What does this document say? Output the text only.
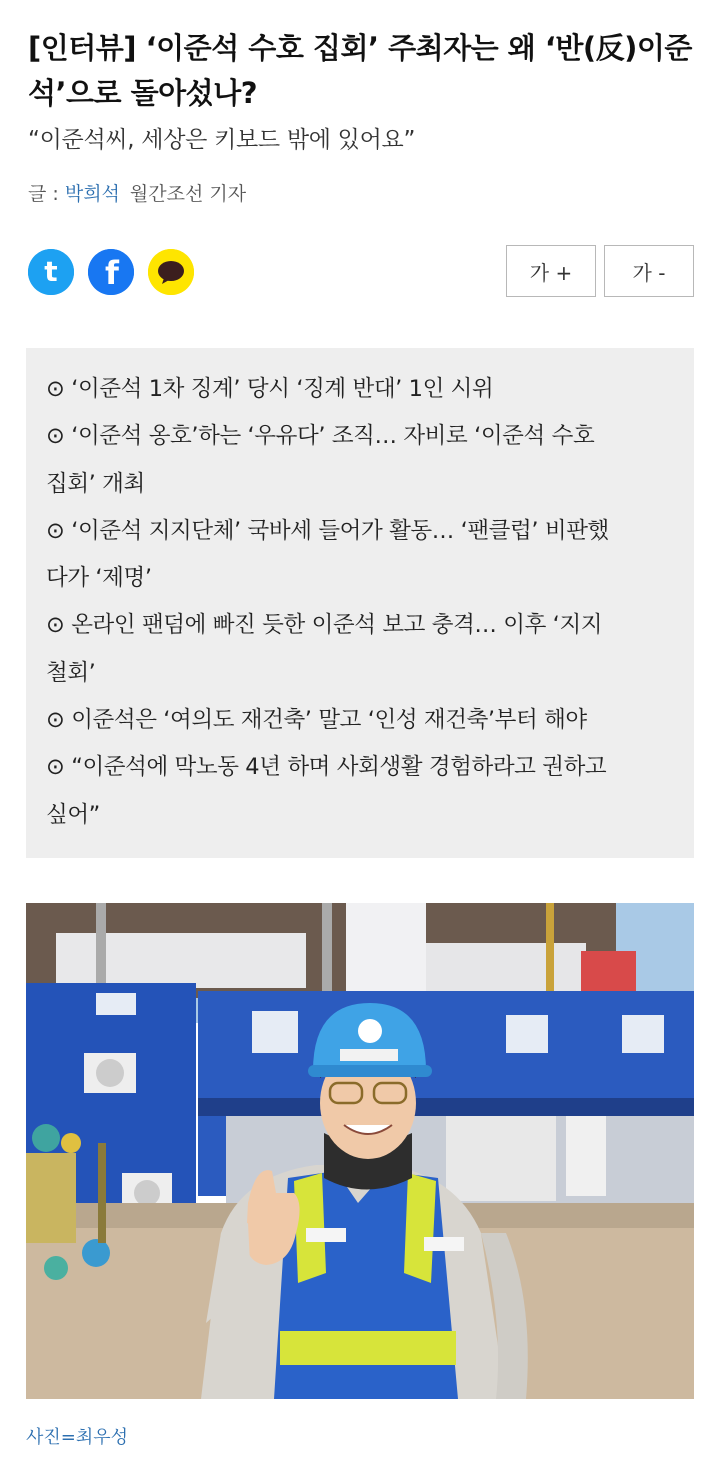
[인터뷰] ‘이준석 수호 집회’ 주최자는 왜 ‘반(反)이준석’으로 돌아섰나?
“이준석씨, 세상은 키보드 밖에 있어요”
글 : 박희석 월간조선 기자
t f	가 +	가 -
⊙ ‘이준석 1차 징계’ 당시 ‘징계 반대’ 1인 시위
⊙ ‘이준석 옹호’하는 ‘우유다’ 조직… 자비로 ‘이준석 수호
집회’ 개최
⊙ ‘이준석 지지단체’ 국바세 들어가 활동… ‘팬클럽’ 비판했
다가 ‘제명’
⊙ 온라인 팬덤에 빠진 듯한 이준석 보고 충격… 이후 ‘지지
철회’
⊙ 이준석은 ‘여의도 재건축’ 말고 ‘인성 재건축’부터 해야
⊙ “이준석에 막노동 4년 하며 사회생활 경험하라고 권하고
싶어”
사진=최우성
